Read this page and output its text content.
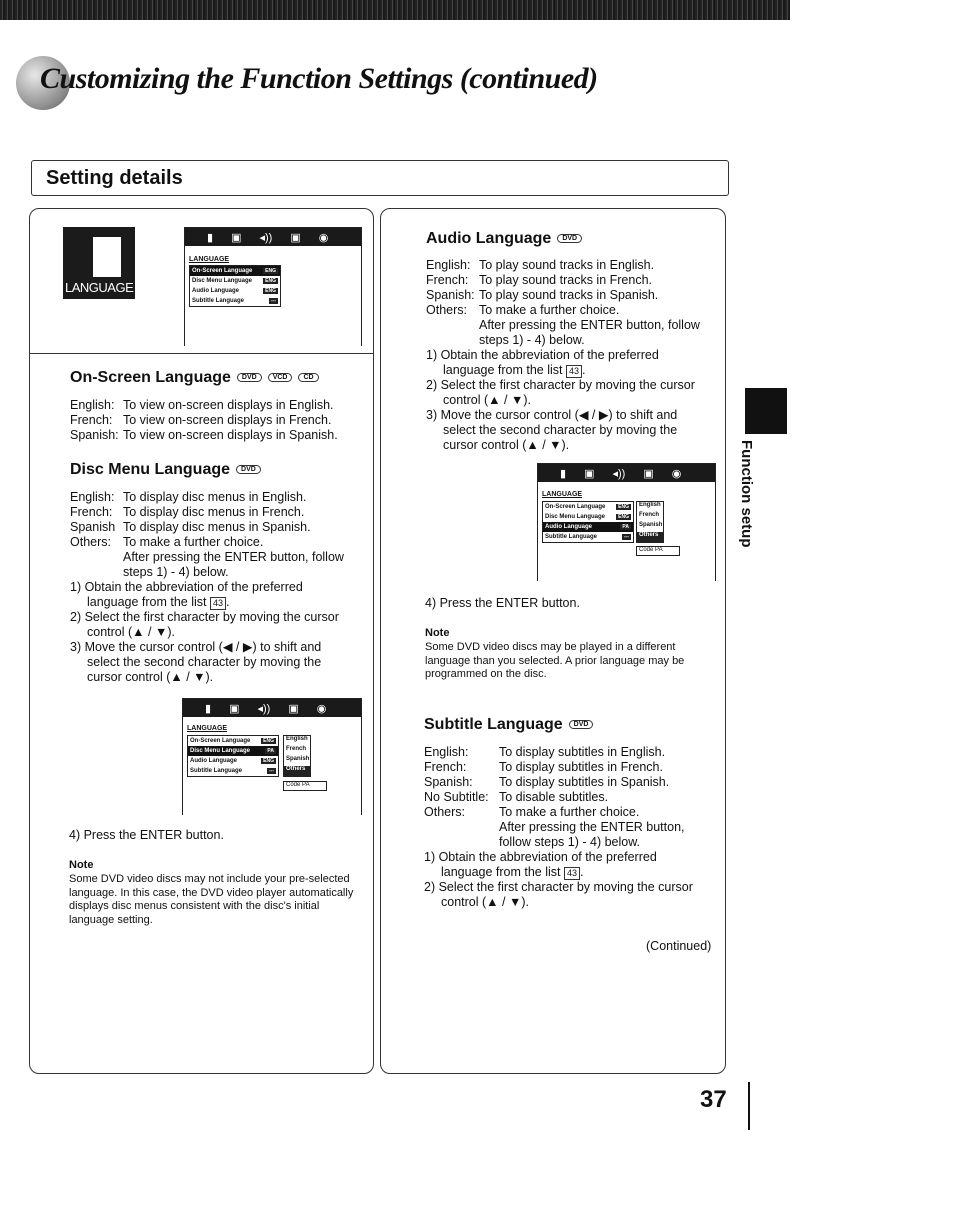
Customizing the Function Settings (continued)
Setting details
LANGUAGE
▮ ▣ ◂)) ▣ ◉
LANGUAGE
On-Screen Language	ENG
Disc Menu Language	ENG
Audio Language	ENG
Subtitle Language	---
On-Screen Language DVD VCD CD
English: To view on-screen displays in English.
French: To view on-screen displays in French.
Spanish: To view on-screen displays in Spanish.
Disc Menu Language DVD
English: To display disc menus in English.
French: To display disc menus in French.
Spanish To display disc menus in Spanish.
Others: To make a further choice.
After pressing the ENTER button, follow
steps 1) - 4) below.
1) Obtain the abbreviation of the preferred
language from the list 43 .
2) Select the first character by moving the cursor
control (▲ / ▼).
3) Move the cursor control (◀ / ▶) to shift and
select the second character by moving the
cursor control (▲ / ▼).
▮ ▣ ◂)) ▣ ◉
LANGUAGE
On-Screen Language	ENG
Disc Menu Language	PA
Audio Language	ENG
Subtitle Language	---
English
French
Spanish
Others
Code PA
4) Press the ENTER button.
Note
Some DVD video discs may not include your pre-selected language. In this case, the DVD video player automatically displays disc menus consistent with the disc's initial language setting.
Audio Language DVD
English: To play sound tracks in English.
French: To play sound tracks in French.
Spanish: To play sound tracks in Spanish.
Others: To make a further choice.
After pressing the ENTER button, follow
steps 1) - 4) below.
1) Obtain the abbreviation of the preferred
language from the list 43 .
2) Select the first character by moving the cursor
control (▲ / ▼).
3) Move the cursor control (◀ / ▶) to shift and
select the second character by moving the
cursor control (▲ / ▼).
▮ ▣ ◂)) ▣ ◉
LANGUAGE
On-Screen Language	ENG
Disc Menu Language	ENG
Audio Language	PA
Subtitle Language	---
English
French
Spanish
Others
Code PA
4) Press the ENTER button.
Note
Some DVD video discs may be played in a different language than you selected. A prior language may be programmed on the disc.
Subtitle Language DVD
English:	To display subtitles in English.
French:	To display subtitles in French.
Spanish:	To display subtitles in Spanish.
No Subtitle: To disable subtitles.
Others:	To make a further choice.
After pressing the ENTER button,
follow steps 1) - 4) below.
1) Obtain the abbreviation of the preferred
language from the list 43 .
2) Select the first character by moving the cursor
control (▲ / ▼).
(Continued)
Function setup
37
